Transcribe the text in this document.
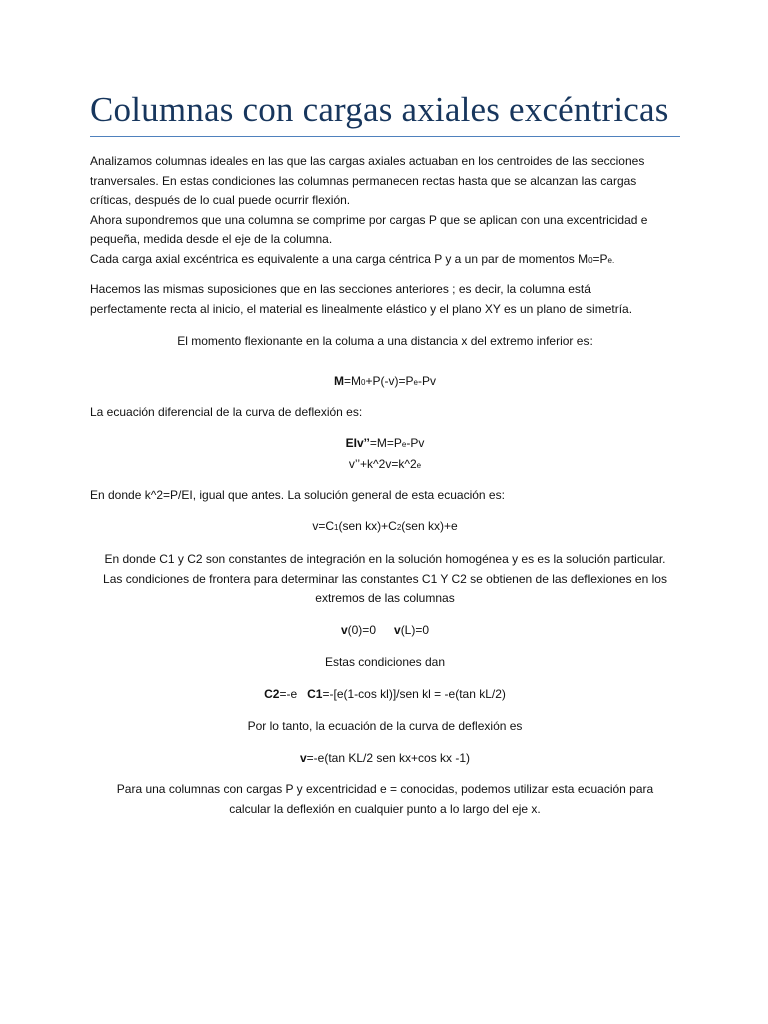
Columnas con cargas axiales excéntricas

Analizamos columnas ideales en las que las cargas axiales actuaban en los centroides de las secciones

tranversales. En estas condiciones las columnas permanecen rectas hasta que se alcanzan las cargas

críticas, después de lo cual puede ocurrir flexión.

Ahora supondremos que una columna se comprime por cargas P que se aplican con una excentricidad e

pequeña, medida desde el eje de la columna.

Cada carga axial excéntrica es equivalente a una carga céntrica P y a un par de momentos M0=Pe.

Hacemos las mismas suposiciones que en las secciones anteriores ; es decir, la columna está

perfectamente recta al inicio, el material es linealmente elástico y el plano XY es un plano de simetría.

El momento flexionante en la columa a una distancia x del extremo inferior es:

M=M0+P(-v)=Pe-Pv

La ecuación diferencial de la curva de deflexión es:

EIv’’=M=Pe-Pv

v’’+k^2v=k^2e

En donde k^2=P/EI, igual que antes. La solución general de esta ecuación es:

v=C1(sen kx)+C2(sen kx)+e

En donde C1 y C2 son constantes de integración en la solución homogénea y es es la solución particular.

Las condiciones de frontera para determinar las constantes C1 Y C2 se obtienen de las deflexiones en los

extremos de las columnas

v(0)=0 v(L)=0

Estas condiciones dan

C2=-e C1=-[e(1-cos kl)]/sen kl = -e(tan kL/2)

Por lo tanto, la ecuación de la curva de deflexión es

v=-e(tan KL/2 sen kx+cos kx -1)

Para una columnas con cargas P y excentricidad e = conocidas, podemos utilizar esta ecuación para

calcular la deflexión en cualquier punto a lo largo del eje x.
